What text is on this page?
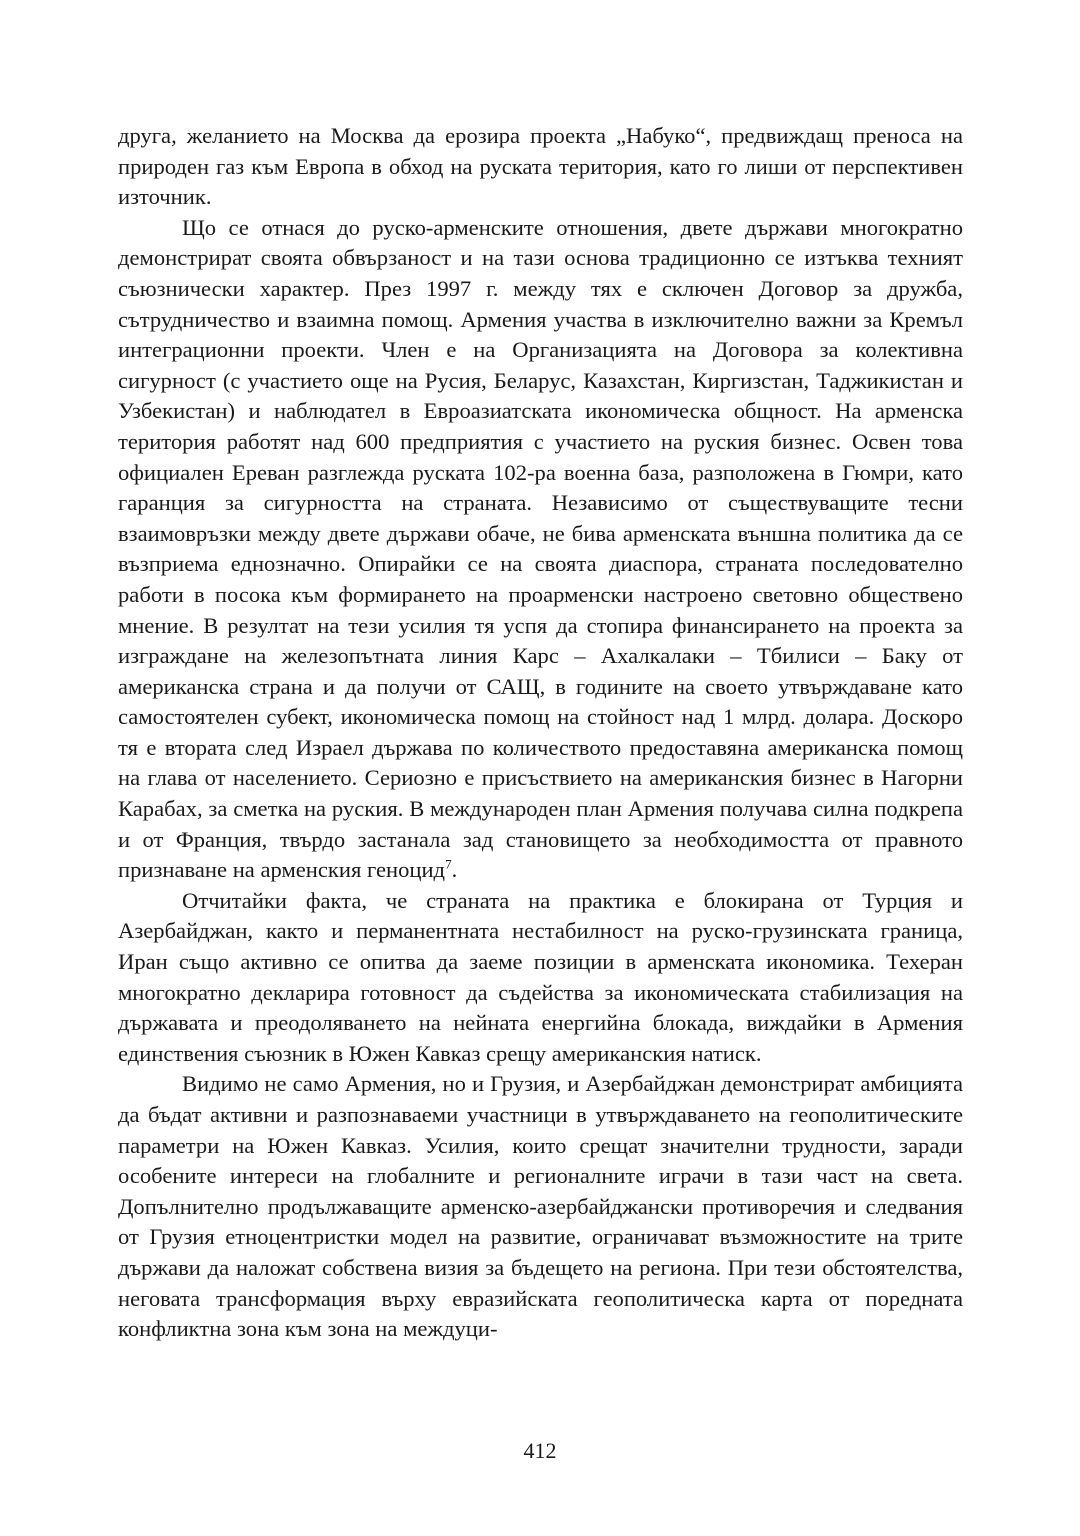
друга, желанието на Москва да ерозира проекта „Набуко“, предвиждащ преноса на природен газ към Европа в обход на руската територия, като го лиши от перспективен източник.

Що се отнася до руско-арменските отношения, двете държави многократно демонстрират своята обвързаност и на тази основа традиционно се изтъква техният съюзнически характер. През 1997 г. между тях е сключен Договор за дружба, сътрудничество и взаимна помощ. Армения участва в изключително важни за Кремъл интеграционни проекти. Член е на Организацията на Договора за колективна сигурност (с участието още на Русия, Беларус, Казахстан, Киргизстан, Таджикистан и Узбекистан) и наблюдател в Евроазиатската икономическа общност. На арменска територия работят над 600 предприятия с участието на руския бизнес. Освен това официален Ереван разглежда руската 102-ра военна база, разположена в Гюмри, като гаранция за сигурността на страната. Независимо от съществуващите тесни взаимовръзки между двете държави обаче, не бива арменската външна политика да се възприема еднозначно. Опирайки се на своята диаспора, страната последователно работи в посока към формирането на проарменски настроено световно обществено мнение. В резултат на тези усилия тя успя да стопира финансирането на проекта за изграждане на железопътната линия Карс – Ахалкалаки – Тбилиси – Баку от американска страна и да получи от САЩ, в годините на своето утвърждаване като самостоятелен субект, икономическа помощ на стойност над 1 млрд. долара. Доскоро тя е втората след Израел държава по количеството предоставяна американска помощ на глава от населението. Сериозно е присъствието на американския бизнес в Нагорни Карабах, за сметка на руския. В международен план Армения получава силна подкрепа и от Франция, твърдо застанала зад становището за необходимостта от правното признаване на арменския геноцид$^7$.

Отчитайки факта, че страната на практика е блокирана от Турция и Азербайджан, както и перманентната нестабилност на руско-грузинската граница, Иран също активно се опитва да заеме позиции в арменската икономика. Техеран многократно декларира готовност да съдейства за икономическата стабилизация на държавата и преодоляването на нейната енергийна блокада, виждайки в Армения единствения съюзник в Южен Кавказ срещу американския натиск.

Видимо не само Армения, но и Грузия, и Азербайджан демонстрират амбицията да бъдат активни и разпознаваеми участници в утвърждаването на геополитическите параметри на Южен Кавказ. Усилия, които срещат значителни трудности, заради особените интереси на глобалните и регионалните играчи в тази част на света. Допълнително продължаващите арменско-азербайджански противоречия и следвания от Грузия етноцентристки модел на развитие, ограничават възможностите на трите държави да наложат собствена визия за бъдещето на региона. При тези обстоятелства, неговата трансформация върху евразийската геополитическа карта от поредната конфликтна зона към зона на междуци-

412
